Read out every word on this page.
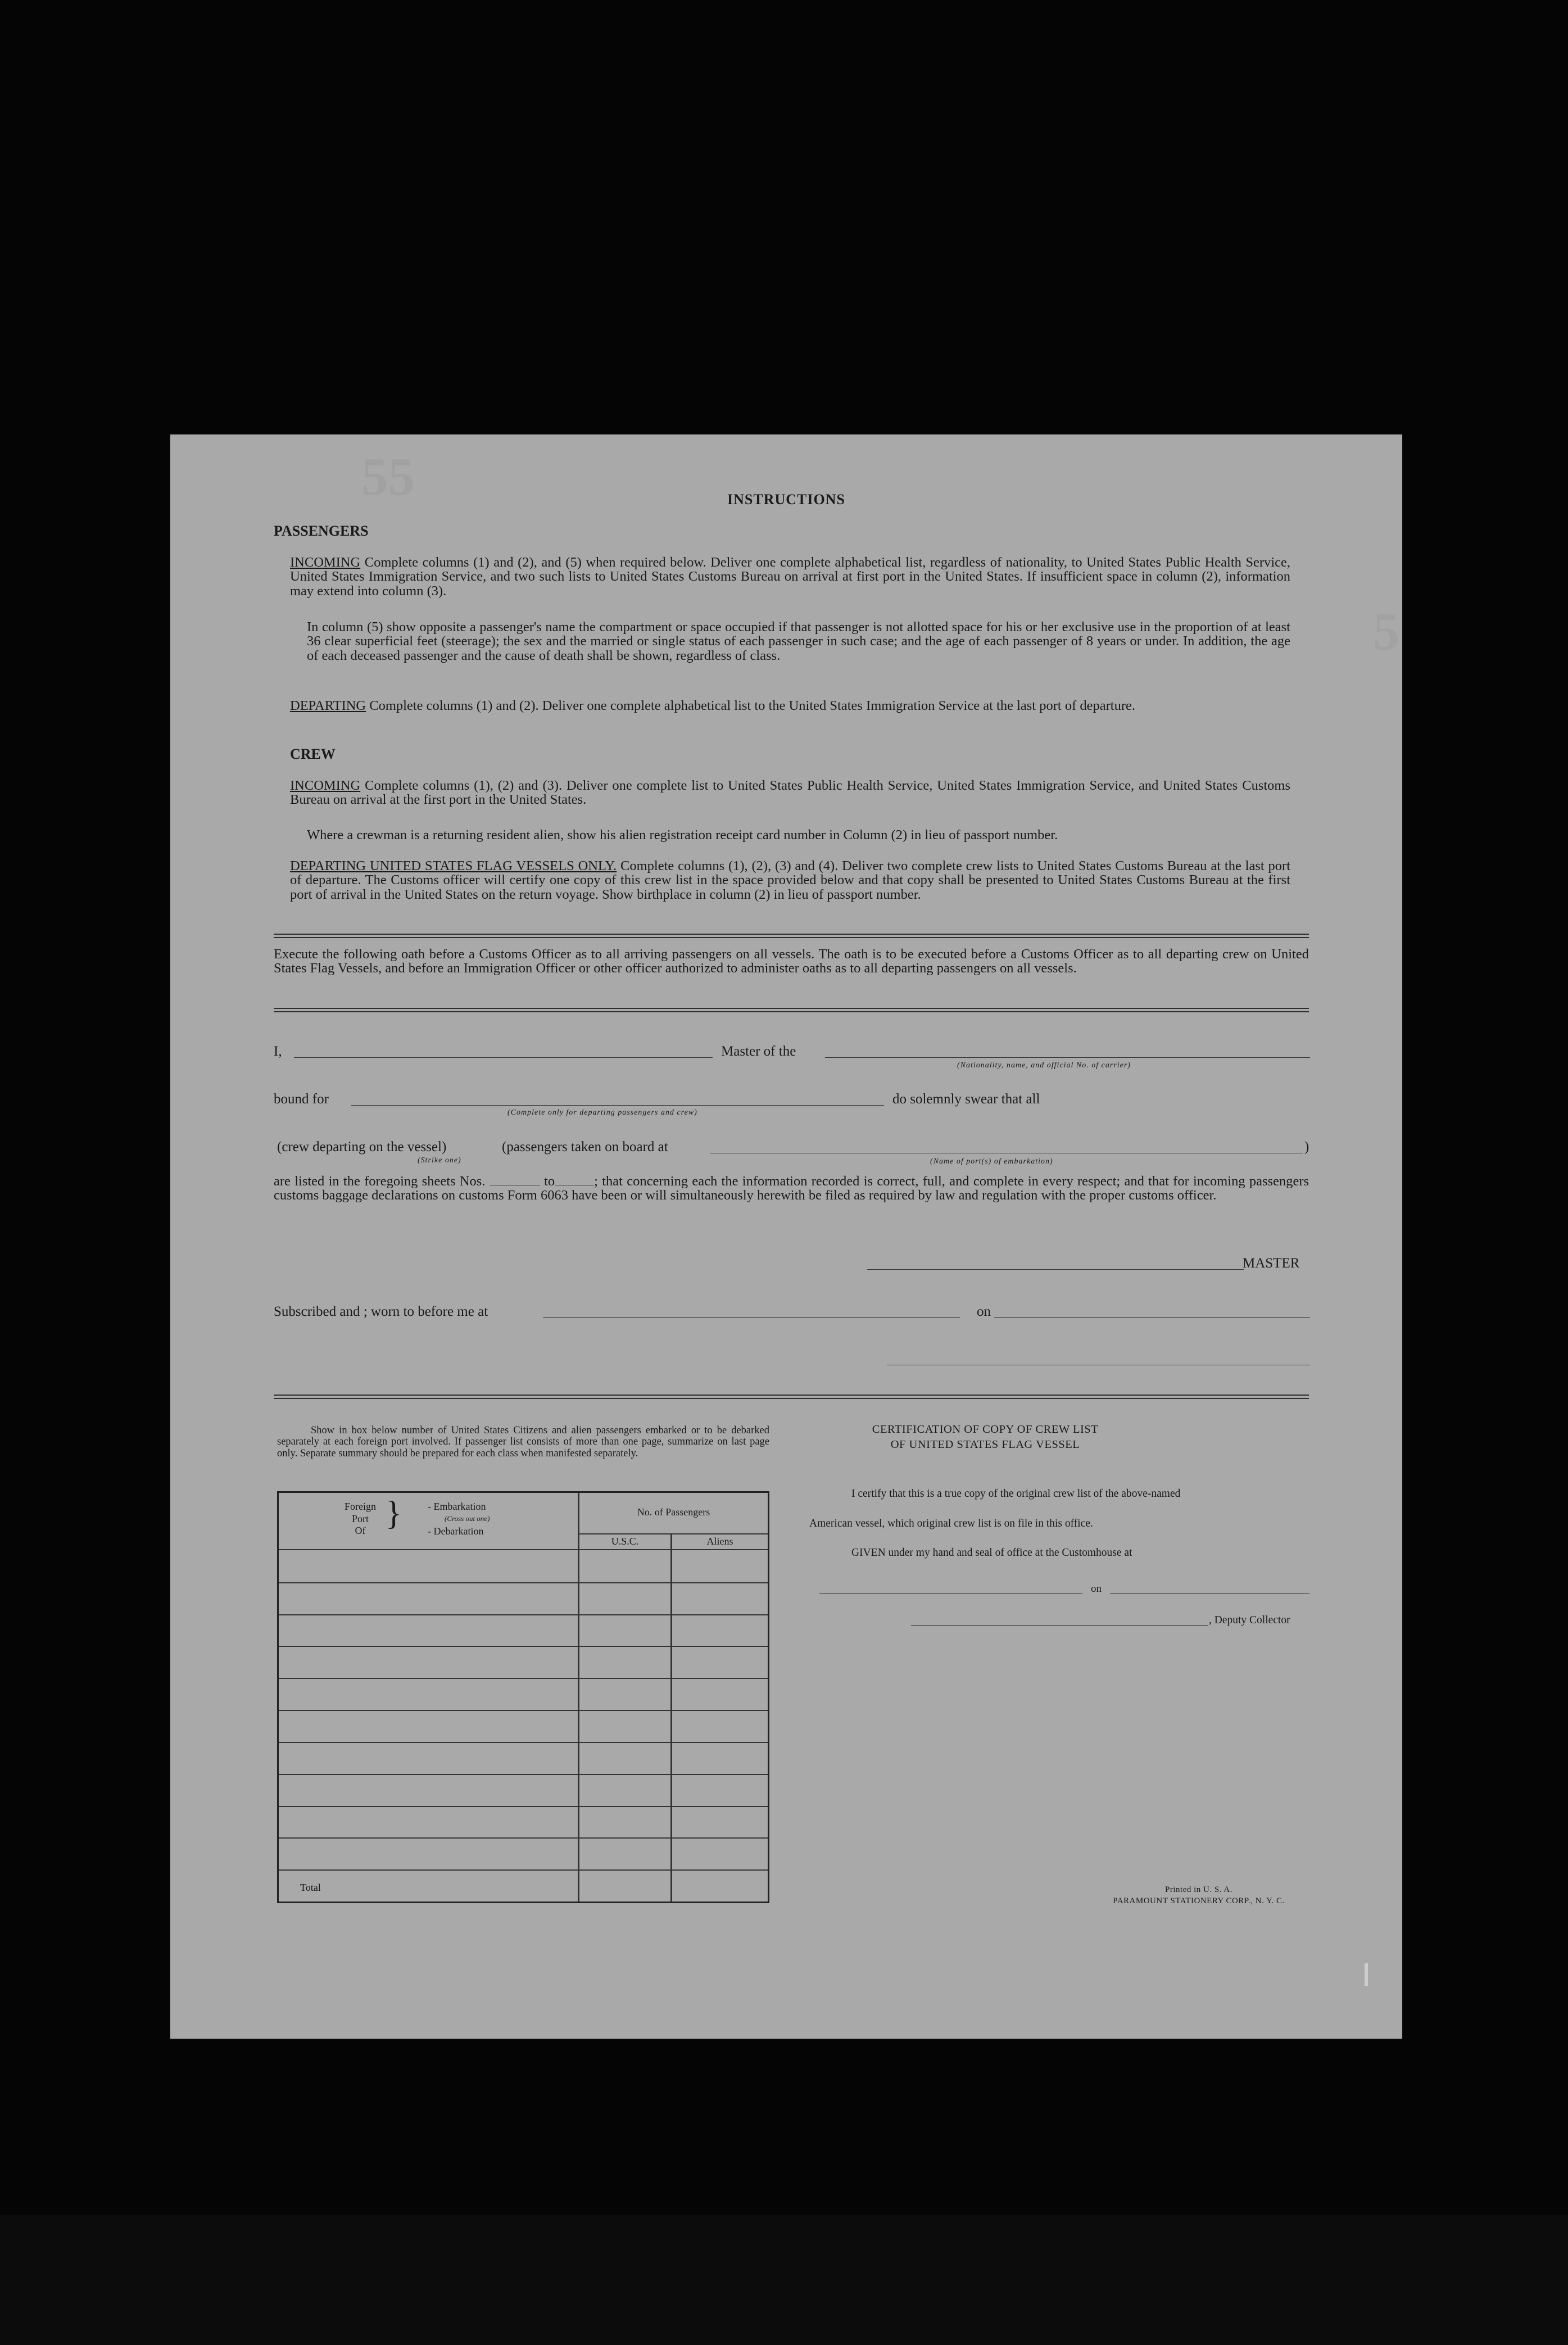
55
5
INSTRUCTIONS
PASSENGERS
INCOMING Complete columns (1) and (2), and (5) when required below. Deliver one complete alphabetical list, regardless of nationality, to United States Public Health Service, United States Immigration Service, and two such lists to United States Customs Bureau on arrival at first port in the United States. If insufficient space in column (2), information may extend into column (3).
In column (5) show opposite a passenger's name the compartment or space occupied if that passenger is not allotted space for his or her exclusive use in the proportion of at least 36 clear superficial feet (steerage); the sex and the married or single status of each passenger in such case; and the age of each passenger of 8 years or under. In addition, the age of each deceased passenger and the cause of death shall be shown, regardless of class.
DEPARTING Complete columns (1) and (2). Deliver one complete alphabetical list to the United States Immigration Service at the last port of departure.
CREW
INCOMING Complete columns (1), (2) and (3). Deliver one complete list to United States Public Health Service, United States Immigration Service, and United States Customs Bureau on arrival at the first port in the United States.
Where a crewman is a returning resident alien, show his alien registration receipt card number in Column (2) in lieu of passport number.
DEPARTING UNITED STATES FLAG VESSELS ONLY. Complete columns (1), (2), (3) and (4). Deliver two complete crew lists to United States Customs Bureau at the last port of departure. The Customs officer will certify one copy of this crew list in the space provided below and that copy shall be presented to United States Customs Bureau at the first port of arrival in the United States on the return voyage. Show birthplace in column (2) in lieu of passport number.
Execute the following oath before a Customs Officer as to all arriving passengers on all vessels. The oath is to be executed before a Customs Officer as to all departing crew on United States Flag Vessels, and before an Immigration Officer or other officer authorized to administer oaths as to all departing passengers on all vessels.
I,	Master of the
(Nationality, name, and official No. of carrier)
bound for
(Complete only for departing passengers and crew)
do solemnly swear that all
(crew departing on the vessel)	(passengers taken on board at	)
(Strike one)	(Name of port(s) of embarkation)
are listed in the foregoing sheets Nos.	to	; that concerning each the information recorded is correct, full, and complete in every respect; and that for incoming passengers customs baggage declarations on customs Form 6063 have been or will simultaneously herewith be filed as required by law and regulation with the proper customs officer.
MASTER
Subscribed and ; worn to before me at	on
Show in box below number of United States Citizens and alien passengers embarked or to be debarked separately at each foreign port involved. If passenger list consists of more than one page, summarize on last page only. Separate summary should be prepared for each class when manifested separately.
Foreign
Port
Of }	- Embarkation
(Cross out one)
- Debarkation
No. of Passengers
U.S.C.	Aliens
Total
CERTIFICATION OF COPY OF CREW LIST
OF UNITED STATES FLAG VESSEL
I certify that this is a true copy of the original crew list of the above-named
American vessel, which original crew list is on file in this office.
GIVEN under my hand and seal of office at the Customhouse at
on
, Deputy Collector
Printed in U. S. A.
PARAMOUNT STATIONERY CORP., N. Y. C.
